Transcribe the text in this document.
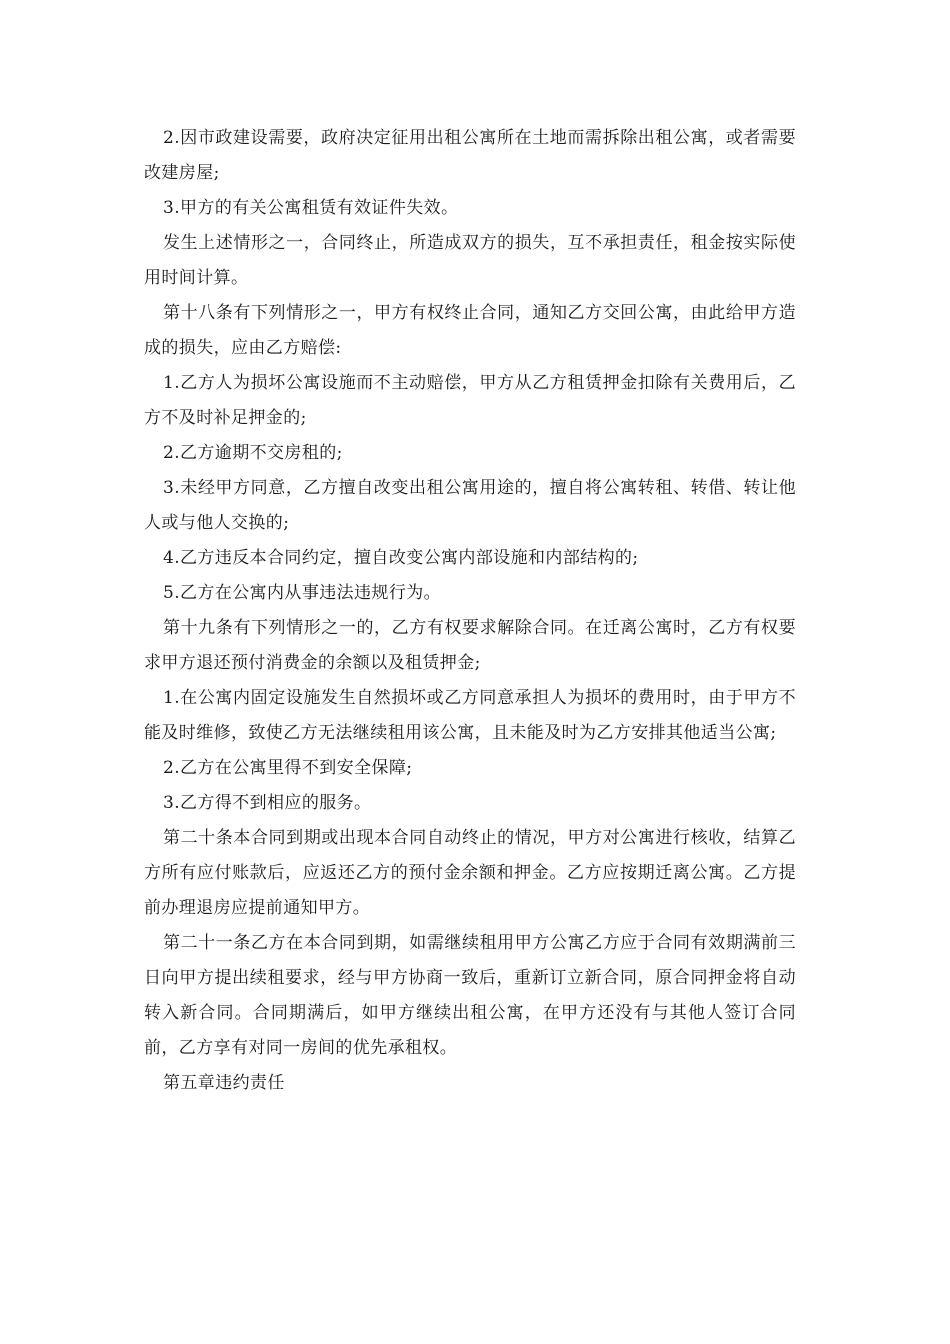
2.因市政建设需要，政府决定征用出租公寓所在土地而需拆除出租公寓，或者需要改建房屋;

3.甲方的有关公寓租赁有效证件失效。

发生上述情形之一，合同终止，所造成双方的损失，互不承担责任，租金按实际使用时间计算。

第十八条有下列情形之一，甲方有权终止合同，通知乙方交回公寓，由此给甲方造成的损失，应由乙方赔偿:

1.乙方人为损坏公寓设施而不主动赔偿，甲方从乙方租赁押金扣除有关费用后，乙方不及时补足押金的;

2.乙方逾期不交房租的;

3.未经甲方同意，乙方擅自改变出租公寓用途的，擅自将公寓转租、转借、转让他人或与他人交换的;

4.乙方违反本合同约定，擅自改变公寓内部设施和内部结构的;

5.乙方在公寓内从事违法违规行为。

第十九条有下列情形之一的，乙方有权要求解除合同。在迁离公寓时，乙方有权要求甲方退还预付消费金的余额以及租赁押金;

1.在公寓内固定设施发生自然损坏或乙方同意承担人为损坏的费用时，由于甲方不能及时维修，致使乙方无法继续租用该公寓，且未能及时为乙方安排其他适当公寓;

2.乙方在公寓里得不到安全保障;

3.乙方得不到相应的服务。

第二十条本合同到期或出现本合同自动终止的情况，甲方对公寓进行核收，结算乙方所有应付账款后，应返还乙方的预付金余额和押金。乙方应按期迁离公寓。乙方提前办理退房应提前通知甲方。

第二十一条乙方在本合同到期，如需继续租用甲方公寓乙方应于合同有效期满前三日向甲方提出续租要求，经与甲方协商一致后，重新订立新合同，原合同押金将自动转入新合同。合同期满后，如甲方继续出租公寓，在甲方还没有与其他人签订合同前，乙方享有对同一房间的优先承租权。

第五章违约责任
